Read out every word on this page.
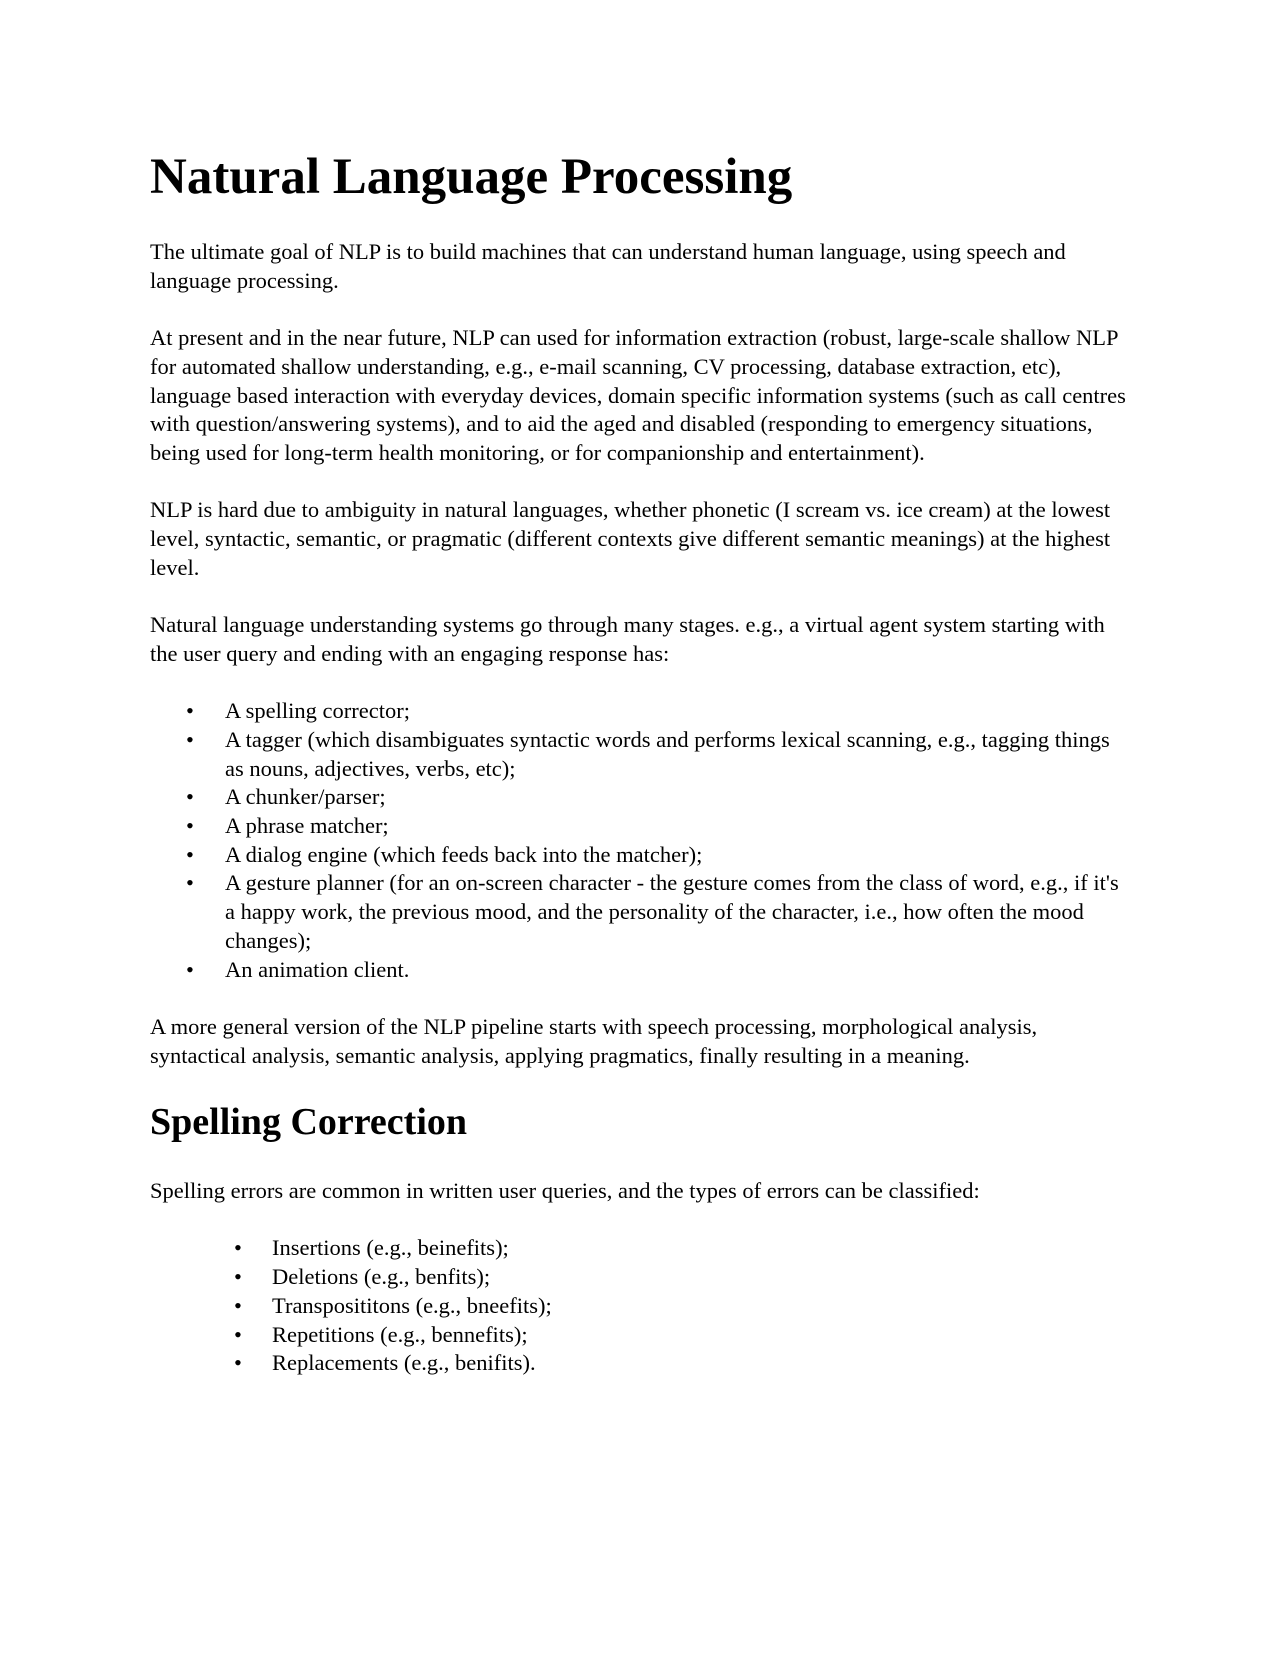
Natural Language Processing

The ultimate goal of NLP is to build machines that can understand human language, using speech and language processing.

At present and in the near future, NLP can used for information extraction (robust, large-scale shallow NLP for automated shallow understanding, e.g., e-mail scanning, CV processing, database extraction, etc), language based interaction with everyday devices, domain specific information systems (such as call centres with question/answering systems), and to aid the aged and disabled (responding to emergency situations, being used for long-term health monitoring, or for companionship and entertainment).

NLP is hard due to ambiguity in natural languages, whether phonetic (I scream vs. ice cream) at the lowest level, syntactic, semantic, or pragmatic (different contexts give different semantic meanings) at the highest level.

Natural language understanding systems go through many stages. e.g., a virtual agent system starting with the user query and ending with an engaging response has:

• A spelling corrector;
• A tagger (which disambiguates syntactic words and performs lexical scanning, e.g., tagging things as nouns, adjectives, verbs, etc);
• A chunker/parser;
• A phrase matcher;
• A dialog engine (which feeds back into the matcher);
• A gesture planner (for an on-screen character - the gesture comes from the class of word, e.g., if it's a happy work, the previous mood, and the personality of the character, i.e., how often the mood changes);
• An animation client.

A more general version of the NLP pipeline starts with speech processing, morphological analysis, syntactical analysis, semantic analysis, applying pragmatics, finally resulting in a meaning.

Spelling Correction

Spelling errors are common in written user queries, and the types of errors can be classified:

• Insertions (e.g., beinefits);
• Deletions (e.g., benfits);
• Transposititons (e.g., bneefits);
• Repetitions (e.g., bennefits);
• Replacements (e.g., benifits).
